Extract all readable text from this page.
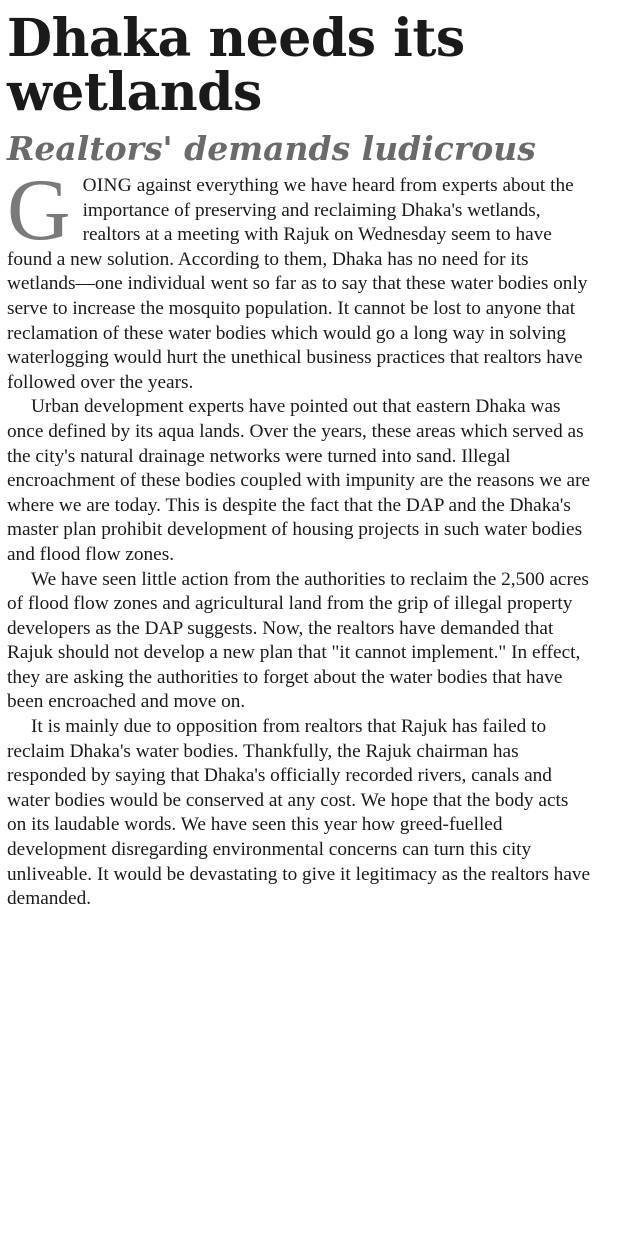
Dhaka needs its wetlands
Realtors' demands ludicrous

GOING against everything we have heard from experts about the importance of preserving and reclaiming Dhaka's wetlands, realtors at a meeting with Rajuk on Wednesday seem to have found a new solution. According to them, Dhaka has no need for its wetlands—one individual went so far as to say that these water bodies only serve to increase the mosquito population. It cannot be lost to anyone that reclamation of these water bodies which would go a long way in solving waterlogging would hurt the unethical business practices that realtors have followed over the years.

Urban development experts have pointed out that eastern Dhaka was once defined by its aqua lands. Over the years, these areas which served as the city's natural drainage networks were turned into sand. Illegal encroachment of these bodies coupled with impunity are the reasons we are where we are today. This is despite the fact that the DAP and the Dhaka's master plan prohibit development of housing projects in such water bodies and flood flow zones.

We have seen little action from the authorities to reclaim the 2,500 acres of flood flow zones and agricultural land from the grip of illegal property developers as the DAP suggests. Now, the realtors have demanded that Rajuk should not develop a new plan that "it cannot implement." In effect, they are asking the authorities to forget about the water bodies that have been encroached and move on.

It is mainly due to opposition from realtors that Rajuk has failed to reclaim Dhaka's water bodies. Thankfully, the Rajuk chairman has responded by saying that Dhaka's officially recorded rivers, canals and water bodies would be conserved at any cost. We hope that the body acts on its laudable words. We have seen this year how greed-fuelled development disregarding environmental concerns can turn this city unliveable. It would be devastating to give it legitimacy as the realtors have demanded.
